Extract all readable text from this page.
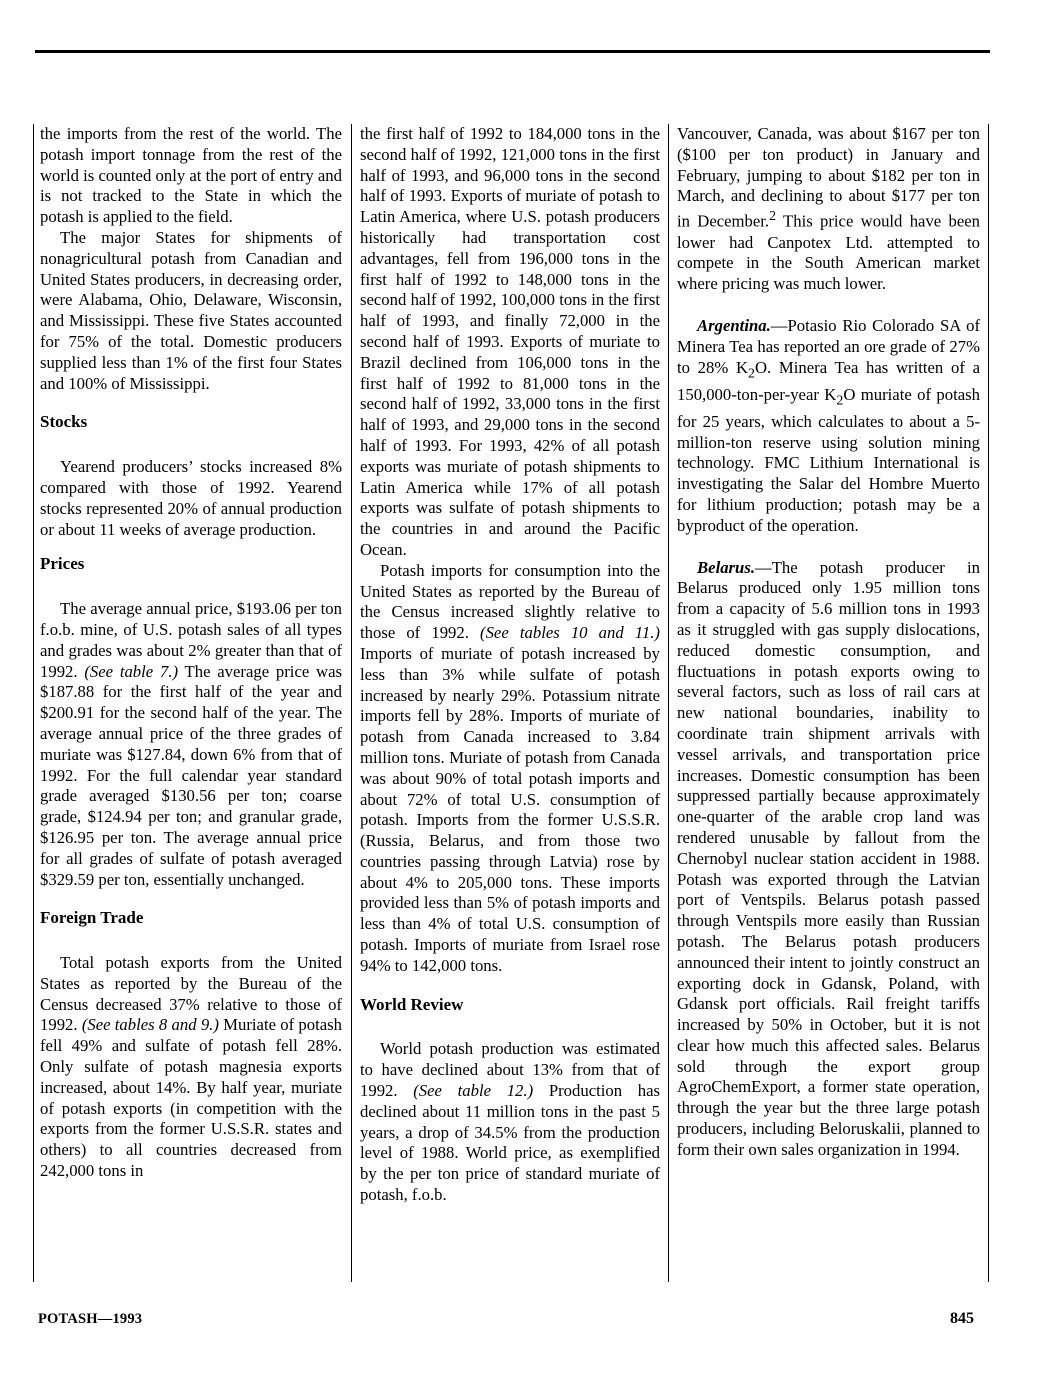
the imports from the rest of the world. The potash import tonnage from the rest of the world is counted only at the port of entry and is not tracked to the State in which the potash is applied to the field.

The major States for shipments of nonagricultural potash from Canadian and United States producers, in decreasing order, were Alabama, Ohio, Delaware, Wisconsin, and Mississippi. These five States accounted for 75% of the total. Domestic producers supplied less than 1% of the first four States and 100% of Mississippi.

Stocks

Yearend producers’ stocks increased 8% compared with those of 1992. Yearend stocks represented 20% of annual production or about 11 weeks of average production.

Prices

The average annual price, $193.06 per ton f.o.b. mine, of U.S. potash sales of all types and grades was about 2% greater than that of 1992. (See table 7.) The average price was $187.88 for the first half of the year and $200.91 for the second half of the year. The average annual price of the three grades of muriate was $127.84, down 6% from that of 1992. For the full calendar year standard grade averaged $130.56 per ton; coarse grade, $124.94 per ton; and granular grade, $126.95 per ton. The average annual price for all grades of sulfate of potash averaged $329.59 per ton, essentially unchanged.

Foreign Trade

Total potash exports from the United States as reported by the Bureau of the Census decreased 37% relative to those of 1992. (See tables 8 and 9.) Muriate of potash fell 49% and sulfate of potash fell 28%. Only sulfate of potash magnesia exports increased, about 14%. By half year, muriate of potash exports (in competition with the exports from the former U.S.S.R. states and others) to all countries decreased from 242,000 tons in

the first half of 1992 to 184,000 tons in the second half of 1992, 121,000 tons in the first half of 1993, and 96,000 tons in the second half of 1993. Exports of muriate of potash to Latin America, where U.S. potash producers historically had transportation cost advantages, fell from 196,000 tons in the first half of 1992 to 148,000 tons in the second half of 1992, 100,000 tons in the first half of 1993, and finally 72,000 in the second half of 1993. Exports of muriate to Brazil declined from 106,000 tons in the first half of 1992 to 81,000 tons in the second half of 1992, 33,000 tons in the first half of 1993, and 29,000 tons in the second half of 1993. For 1993, 42% of all potash exports was muriate of potash shipments to Latin America while 17% of all potash exports was sulfate of potash shipments to the countries in and around the Pacific Ocean.

Potash imports for consumption into the United States as reported by the Bureau of the Census increased slightly relative to those of 1992. (See tables 10 and 11.) Imports of muriate of potash increased by less than 3% while sulfate of potash increased by nearly 29%. Potassium nitrate imports fell by 28%. Imports of muriate of potash from Canada increased to 3.84 million tons. Muriate of potash from Canada was about 90% of total potash imports and about 72% of total U.S. consumption of potash. Imports from the former U.S.S.R. (Russia, Belarus, and from those two countries passing through Latvia) rose by about 4% to 205,000 tons. These imports provided less than 5% of potash imports and less than 4% of total U.S. consumption of potash. Imports of muriate from Israel rose 94% to 142,000 tons.

World Review

World potash production was estimated to have declined about 13% from that of 1992. (See table 12.) Production has declined about 11 million tons in the past 5 years, a drop of 34.5% from the production level of 1988. World price, as exemplified by the per ton price of standard muriate of potash, f.o.b.

Vancouver, Canada, was about $167 per ton ($100 per ton product) in January and February, jumping to about $182 per ton in March, and declining to about $177 per ton in December.$^2$ This price would have been lower had Canpotex Ltd. attempted to compete in the South American market where pricing was much lower.

Argentina.—Potasio Rio Colorado SA of Minera Tea has reported an ore grade of 27% to 28% $K_2O$. Minera Tea has written of a 150,000-ton-per-year $K_2O$ muriate of potash for 25 years, which calculates to about a 5-million-ton reserve using solution mining technology. FMC Lithium International is investigating the Salar del Hombre Muerto for lithium production; potash may be a byproduct of the operation.

Belarus.—The potash producer in Belarus produced only 1.95 million tons from a capacity of 5.6 million tons in 1993 as it struggled with gas supply dislocations, reduced domestic consumption, and fluctuations in potash exports owing to several factors, such as loss of rail cars at new national boundaries, inability to coordinate train shipment arrivals with vessel arrivals, and transportation price increases. Domestic consumption has been suppressed partially because approximately one-quarter of the arable crop land was rendered unusable by fallout from the Chernobyl nuclear station accident in 1988. Potash was exported through the Latvian port of Ventspils. Belarus potash passed through Ventspils more easily than Russian potash. The Belarus potash producers announced their intent to jointly construct an exporting dock in Gdansk, Poland, with Gdansk port officials. Rail freight tariffs increased by 50% in October, but it is not clear how much this affected sales. Belarus sold through the export group AgroChemExport, a former state operation, through the year but the three large potash producers, including Beloruskalii, planned to form their own sales organization in 1994.

POTASH—1993	845
